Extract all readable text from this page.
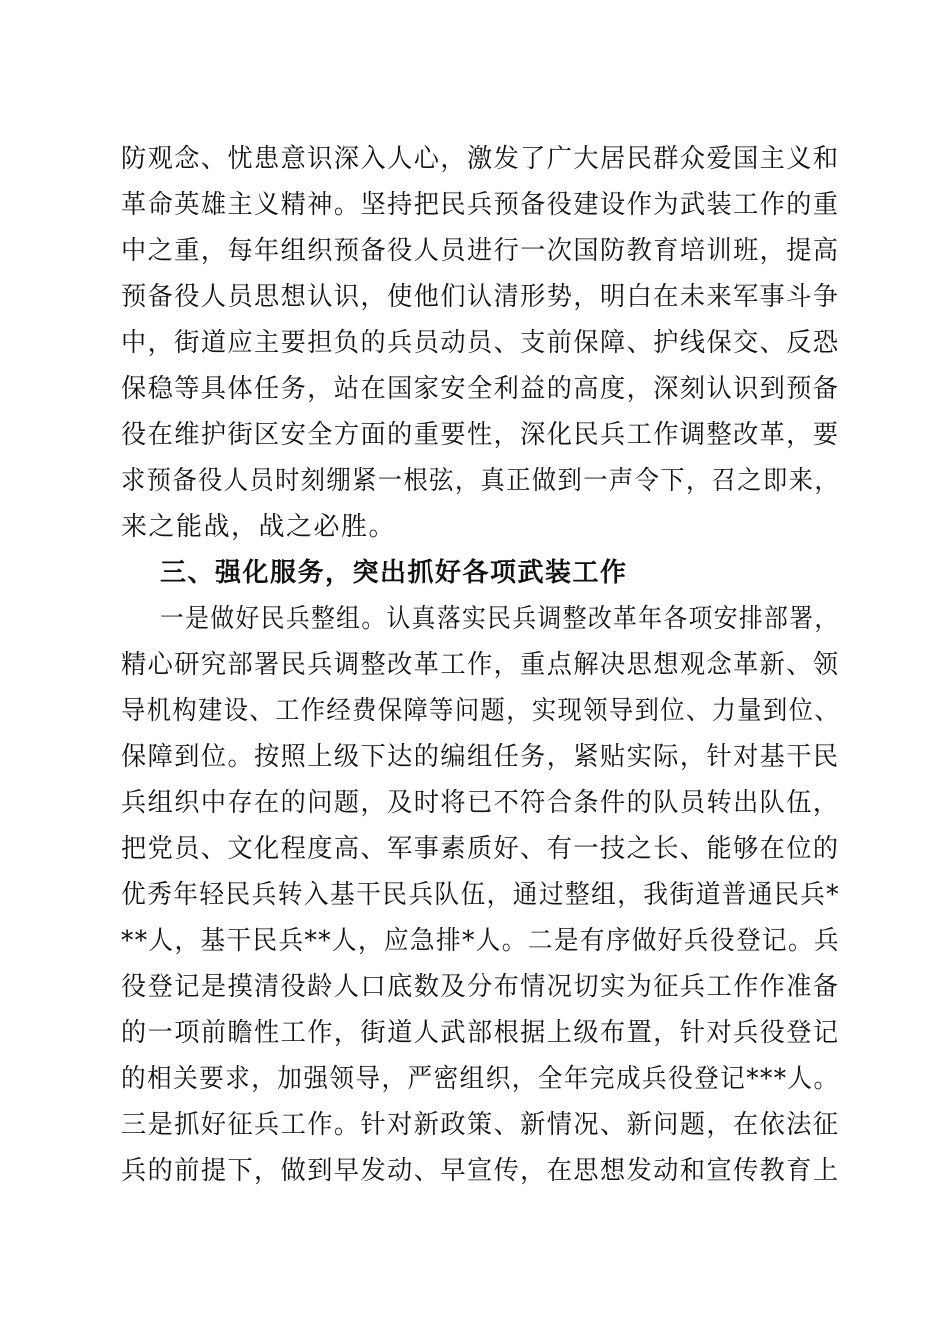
防观念、忧患意识深入人心，激发了广大居民群众爱国主义和
革命英雄主义精神。坚持把民兵预备役建设作为武装工作的重
中之重，每年组织预备役人员进行一次国防教育培训班，提高
预备役人员思想认识，使他们认清形势，明白在未来军事斗争
中，街道应主要担负的兵员动员、支前保障、护线保交、反恐
保稳等具体任务，站在国家安全利益的高度，深刻认识到预备
役在维护街区安全方面的重要性，深化民兵工作调整改革，要
求预备役人员时刻绷紧一根弦，真正做到一声令下，召之即来，
来之能战，战之必胜。
三、强化服务，突出抓好各项武装工作
一是做好民兵整组。认真落实民兵调整改革年各项安排部署，
精心研究部署民兵调整改革工作，重点解决思想观念革新、领
导机构建设、工作经费保障等问题，实现领导到位、力量到位、
保障到位。按照上级下达的编组任务，紧贴实际，针对基干民
兵组织中存在的问题，及时将已不符合条件的队员转出队伍，
把党员、文化程度高、军事素质好、有一技之长、能够在位的
优秀年轻民兵转入基干民兵队伍，通过整组，我街道普通民兵*
**人，基干民兵**人，应急排*人。二是有序做好兵役登记。兵
役登记是摸清役龄人口底数及分布情况切实为征兵工作作准备
的一项前瞻性工作，街道人武部根据上级布置，针对兵役登记
的相关要求，加强领导，严密组织，全年完成兵役登记***人。
三是抓好征兵工作。针对新政策、新情况、新问题，在依法征
兵的前提下，做到早发动、早宣传，在思想发动和宣传教育上
